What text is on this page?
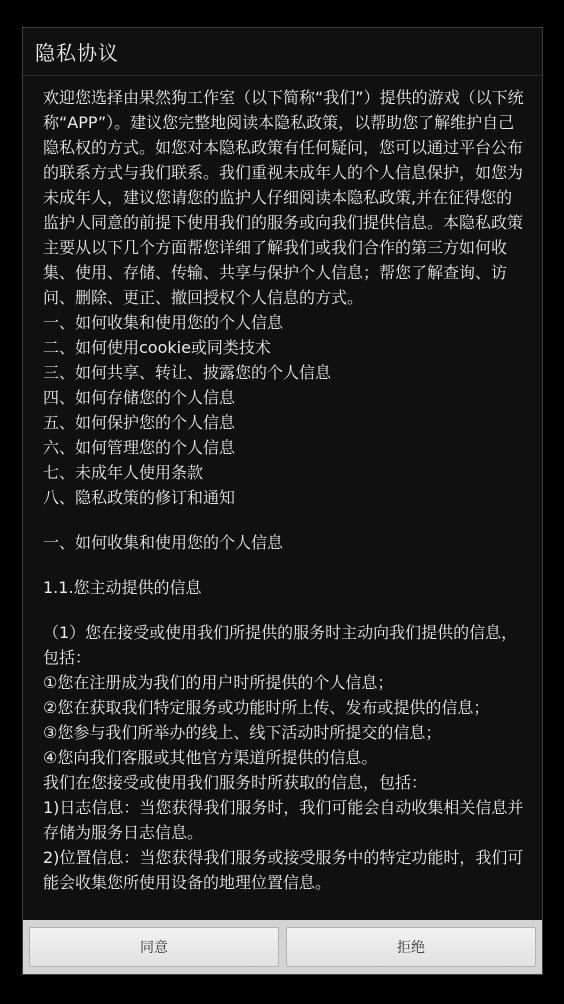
隐私协议

欢迎您选择由果然狗工作室（以下简称“我们”）提供的游戏（以下统称“APP”）。建议您完整地阅读本隐私政策，以帮助您了解维护自己隐私权的方式。如您对本隐私政策有任何疑问，您可以通过平台公布的联系方式与我们联系。我们重视未成年人的个人信息保护，如您为未成年人，建议您请您的监护人仔细阅读本隐私政策,并在征得您的监护人同意的前提下使用我们的服务或向我们提供信息。本隐私政策主要从以下几个方面帮您详细了解我们或我们合作的第三方如何收集、使用、存储、传输、共享与保护个人信息；帮您了解查询、访问、删除、更正、撤回授权个人信息的方式。

一、如何收集和使用您的个人信息

二、如何使用cookie或同类技术

三、如何共享、转让、披露您的个人信息

四、如何存储您的个人信息

五、如何保护您的个人信息

六、如何管理您的个人信息

七、未成年人使用条款

八、隐私政策的修订和通知

一、如何收集和使用您的个人信息

1.1.您主动提供的信息

（1）您在接受或使用我们所提供的服务时主动向我们提供的信息，包括：

①您在注册成为我们的用户时所提供的个人信息；

②您在获取我们特定服务或功能时所上传、发布或提供的信息；

③您参与我们所举办的线上、线下活动时所提交的信息；

④您向我们客服或其他官方渠道所提供的信息。

我们在您接受或使用我们服务时所获取的信息，包括：

1)日志信息：当您获得我们服务时，我们可能会自动收集相关信息并存储为服务日志信息。

2)位置信息：当您获得我们服务或接受服务中的特定功能时，我们可能会收集您所使用设备的地理位置信息。

同意	拒绝
